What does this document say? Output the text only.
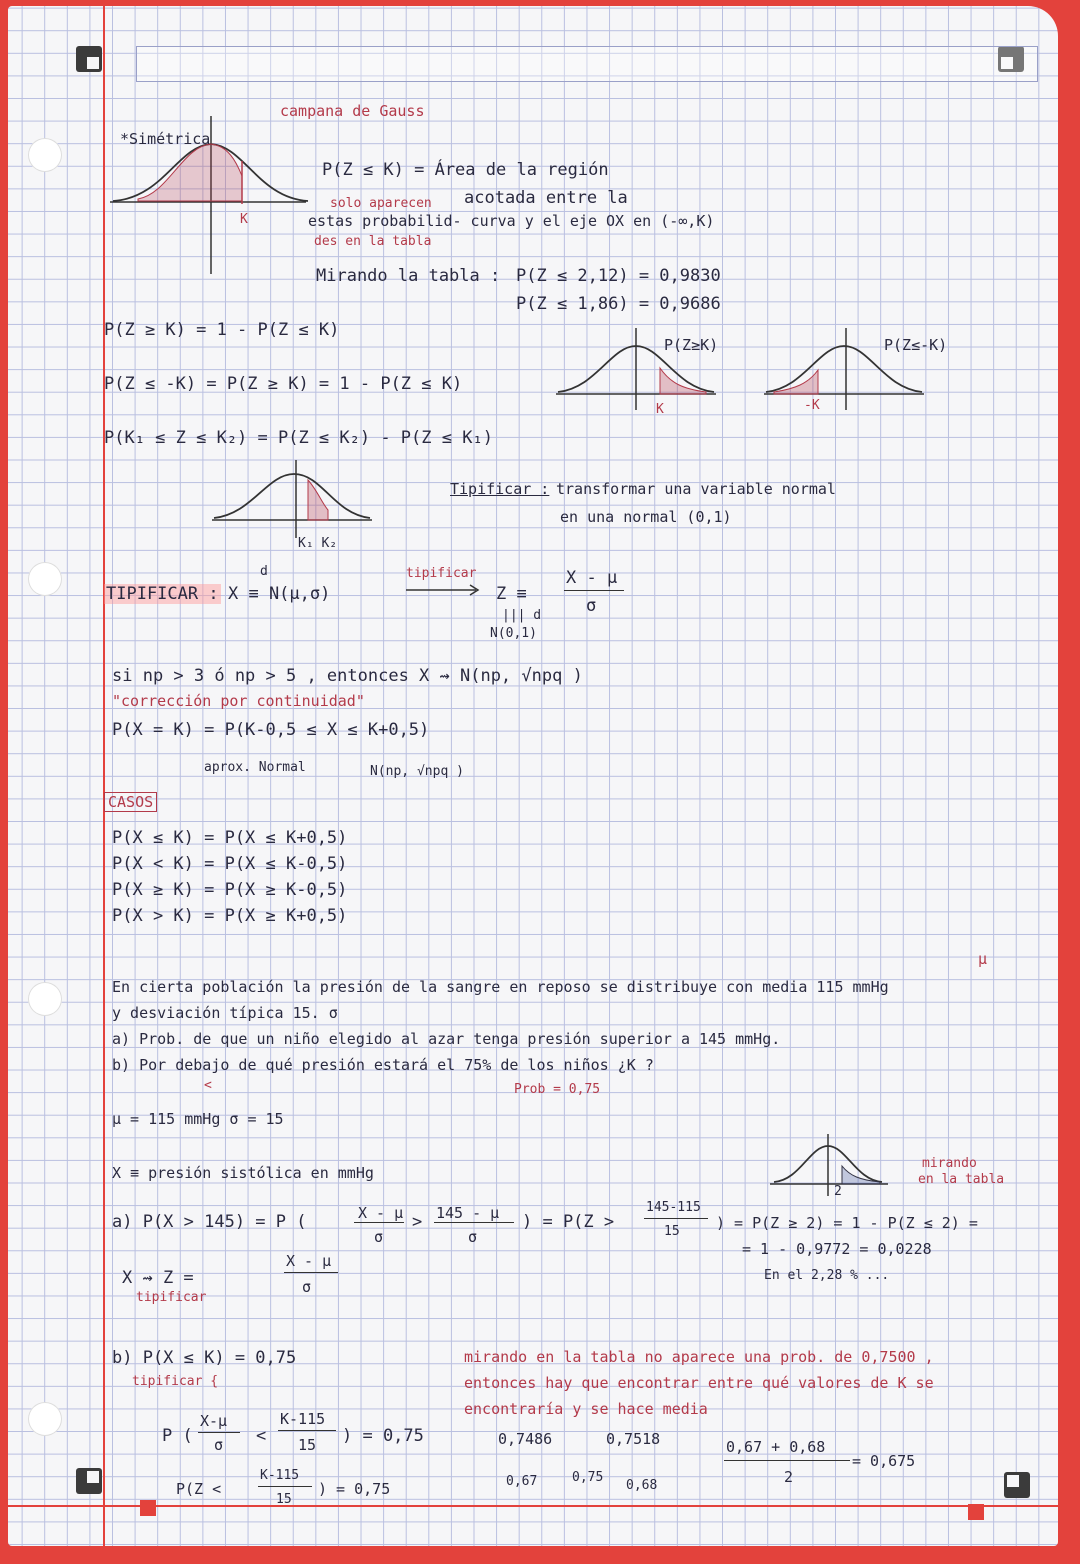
*Simétrica
campana de Gauss
K
P(Z ≤ K) = Área de la región
acotada entre la
solo aparecen
estas probabilid- curva y el eje OX en (-∞,K)
des en la tabla
Mirando la tabla : P(Z ≤ 2,12) = 0,9830
P(Z ≤ 1,86) = 0,9686
P(Z ≥ K) = 1 - P(Z ≤ K)
P(Z ≤ -K) = P(Z ≥ K) = 1 - P(Z ≤ K)
P(K₁ ≤ Z ≤ K₂) = P(Z ≤ K₂) - P(Z ≤ K₁)
P(Z≥K)
K
P(Z≤-K)
-K
K₁ K₂
Tipificar : transformar una variable normal
en una normal (0,1)
TIPIFICAR :
d
X ≡ N(μ,σ)
tipificar
Z ≡
X - μ
σ
||| d
N(0,1)
si np > 3 ó np > 5 , entonces X ⇝ N(np, √npq )
"corrección por continuidad"
P(X = K) = P(K-0,5 ≤ X ≤ K+0,5)
aprox. Normal	N(np, √npq )
CASOS
P(X ≤ K) = P(X ≤ K+0,5)
P(X < K) = P(X ≤ K-0,5)
P(X ≥ K) = P(X ≥ K-0,5)
P(X > K) = P(X ≥ K+0,5)
μ
En cierta población la presión de la sangre en reposo se distribuye con media 115 mmHg
y desviación típica 15. σ
a) Prob. de que un niño elegido al azar tenga presión superior a 145 mmHg.
b) Por debajo de qué presión estará el 75% de los niños ¿K ?
<	Prob = 0,75
μ = 115 mmHg σ = 15
X ≡ presión sistólica en mmHg
a) P(X > 145) = P (	X - μ
σ
> 145 - μ
σ
) = P(Z >
145-115
15 ) = P(Z ≥ 2) = 1 - P(Z ≤ 2) =
= 1 - 0,9772 = 0,0228
En el 2,28 % ...
2
mirando
en la tabla
X ⇝ Z =
X - μ
σ
tipificar
b) P(X ≤ K) = 0,75
tipificar {
P (
X-μ
σ <
K-115
15 ) = 0,75
P(Z <
K-115
15
) = 0,75
mirando en la tabla no aparece una prob. de 0,7500 ,
entonces hay que encontrar entre qué valores de K se
encontraría y se hace media
0,7486	0,7518
0,67	0,75
0,68
0,67 + 0,68
2
= 0,675
